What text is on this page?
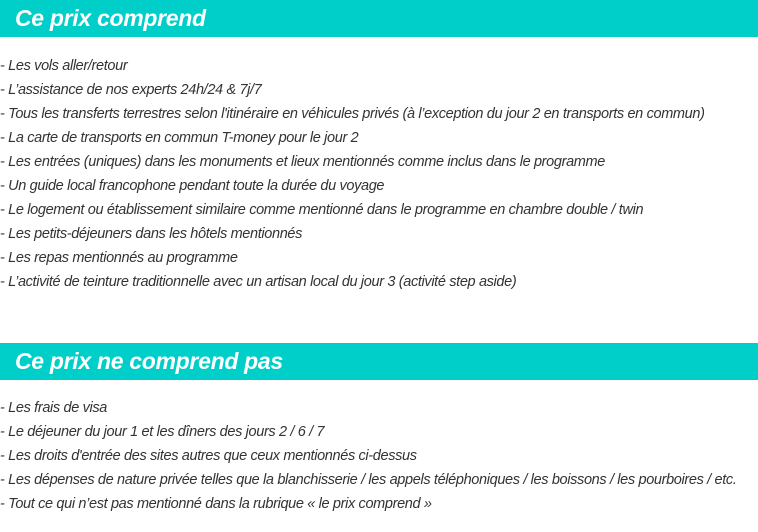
Ce prix comprend
- Les vols aller/retour
- L’assistance de nos experts 24h/24 & 7j/7
- Tous les transferts terrestres selon l'itinéraire en véhicules privés (à l’exception du jour 2 en transports en commun)
- La carte de transports en commun T-money pour le jour 2
- Les entrées (uniques) dans les monuments et lieux mentionnés comme inclus dans le programme
- Un guide local francophone pendant toute la durée du voyage
- Le logement ou établissement similaire comme mentionné dans le programme en chambre double / twin
- Les petits-déjeuners dans les hôtels mentionnés
- Les repas mentionnés au programme
- L’activité de teinture traditionnelle avec un artisan local du jour 3 (activité step aside)
Ce prix ne comprend pas
- Les frais de visa
- Le déjeuner du jour 1 et les dîners des jours 2 / 6 / 7
- Les droits d'entrée des sites autres que ceux mentionnés ci-dessus
- Les dépenses de nature privée telles que la blanchisserie / les appels téléphoniques / les boissons / les pourboires / etc.
- Tout ce qui n’est pas mentionné dans la rubrique « le prix comprend »
